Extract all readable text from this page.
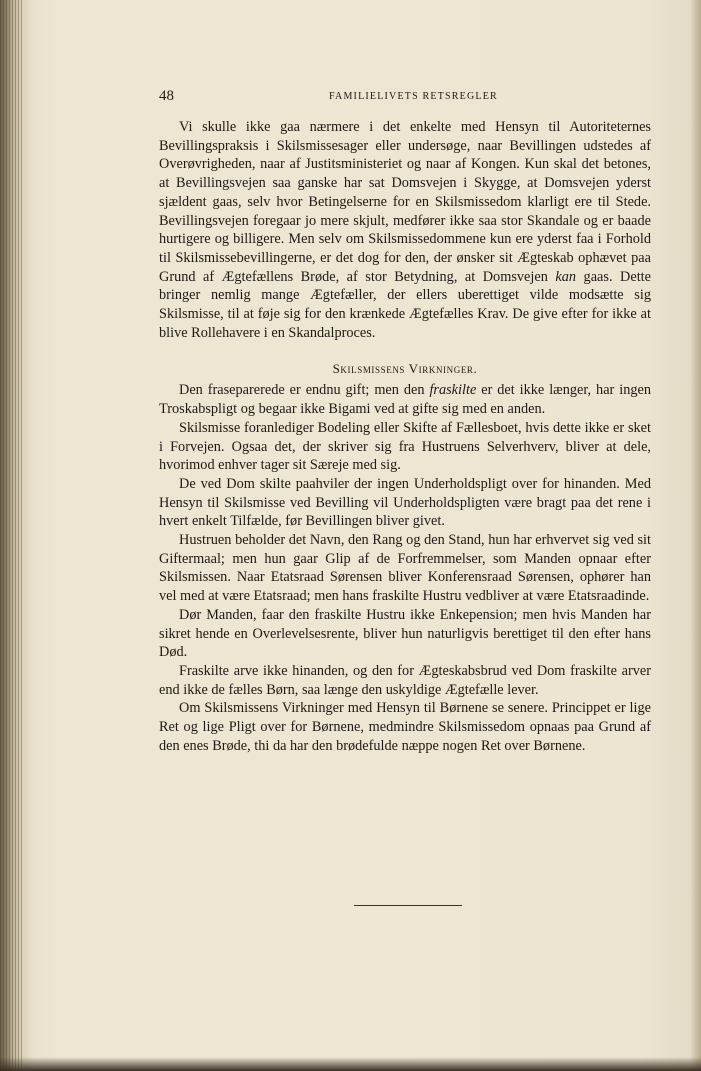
48	FAMILIELIVETS RETSREGLER

Vi skulle ikke gaa nærmere i det enkelte med Hensyn til Autoriteternes Bevillingspraksis i Skilsmissesager eller undersøge, naar Bevillingen udstedes af Overøvrigheden, naar af Justitsministeriet og naar af Kongen. Kun skal det betones, at Bevillingsvejen saa ganske har sat Domsvejen i Skygge, at Domsvejen yderst sjældent gaas, selv hvor Betingelserne for en Skilsmissedom klarligt ere til Stede. Bevillingsvejen foregaar jo mere skjult, medfører ikke saa stor Skandale og er baade hurtigere og billigere. Men selv om Skilsmissedommene kun ere yderst faa i Forhold til Skilsmissebevillingerne, er det dog for den, der ønsker sit Ægteskab ophævet paa Grund af Ægtefællens Brøde, af stor Betydning, at Domsvejen kan gaas. Dette bringer nemlig mange Ægtefæller, der ellers uberettiget vilde modsætte sig Skilsmisse, til at føje sig for den krænkede Ægtefælles Krav. De give efter for ikke at blive Rollehavere i en Skandalproces.

Skilsmissens Virkninger.

Den fraseparerede er endnu gift; men den fraskilte er det ikke længer, har ingen Troskabspligt og begaar ikke Bigami ved at gifte sig med en anden.

Skilsmisse foranlediger Bodeling eller Skifte af Fællesboet, hvis dette ikke er sket i Forvejen. Ogsaa det, der skriver sig fra Hustruens Selverhverv, bliver at dele, hvorimod enhver tager sit Særeje med sig.

De ved Dom skilte paahviler der ingen Underholdspligt over for hinanden. Med Hensyn til Skilsmisse ved Bevilling vil Underholdspligten være bragt paa det rene i hvert enkelt Tilfælde, før Bevillingen bliver givet.

Hustruen beholder det Navn, den Rang og den Stand, hun har erhvervet sig ved sit Giftermaal; men hun gaar Glip af de Forfremmelser, som Manden opnaar efter Skilsmissen. Naar Etatsraad Sørensen bliver Konferensraad Sørensen, ophører han vel med at være Etatsraad; men hans fraskilte Hustru vedbliver at være Etatsraadinde.

Dør Manden, faar den fraskilte Hustru ikke Enkepension; men hvis Manden har sikret hende en Overlevelsesrente, bliver hun naturligvis berettiget til den efter hans Død.

Fraskilte arve ikke hinanden, og den for Ægteskabsbrud ved Dom fraskilte arver end ikke de fælles Børn, saa længe den uskyldige Ægtefælle lever.

Om Skilsmissens Virkninger med Hensyn til Børnene se senere. Princippet er lige Ret og lige Pligt over for Børnene, medmindre Skilsmissedom opnaas paa Grund af den enes Brøde, thi da har den brødefulde næppe nogen Ret over Børnene.
